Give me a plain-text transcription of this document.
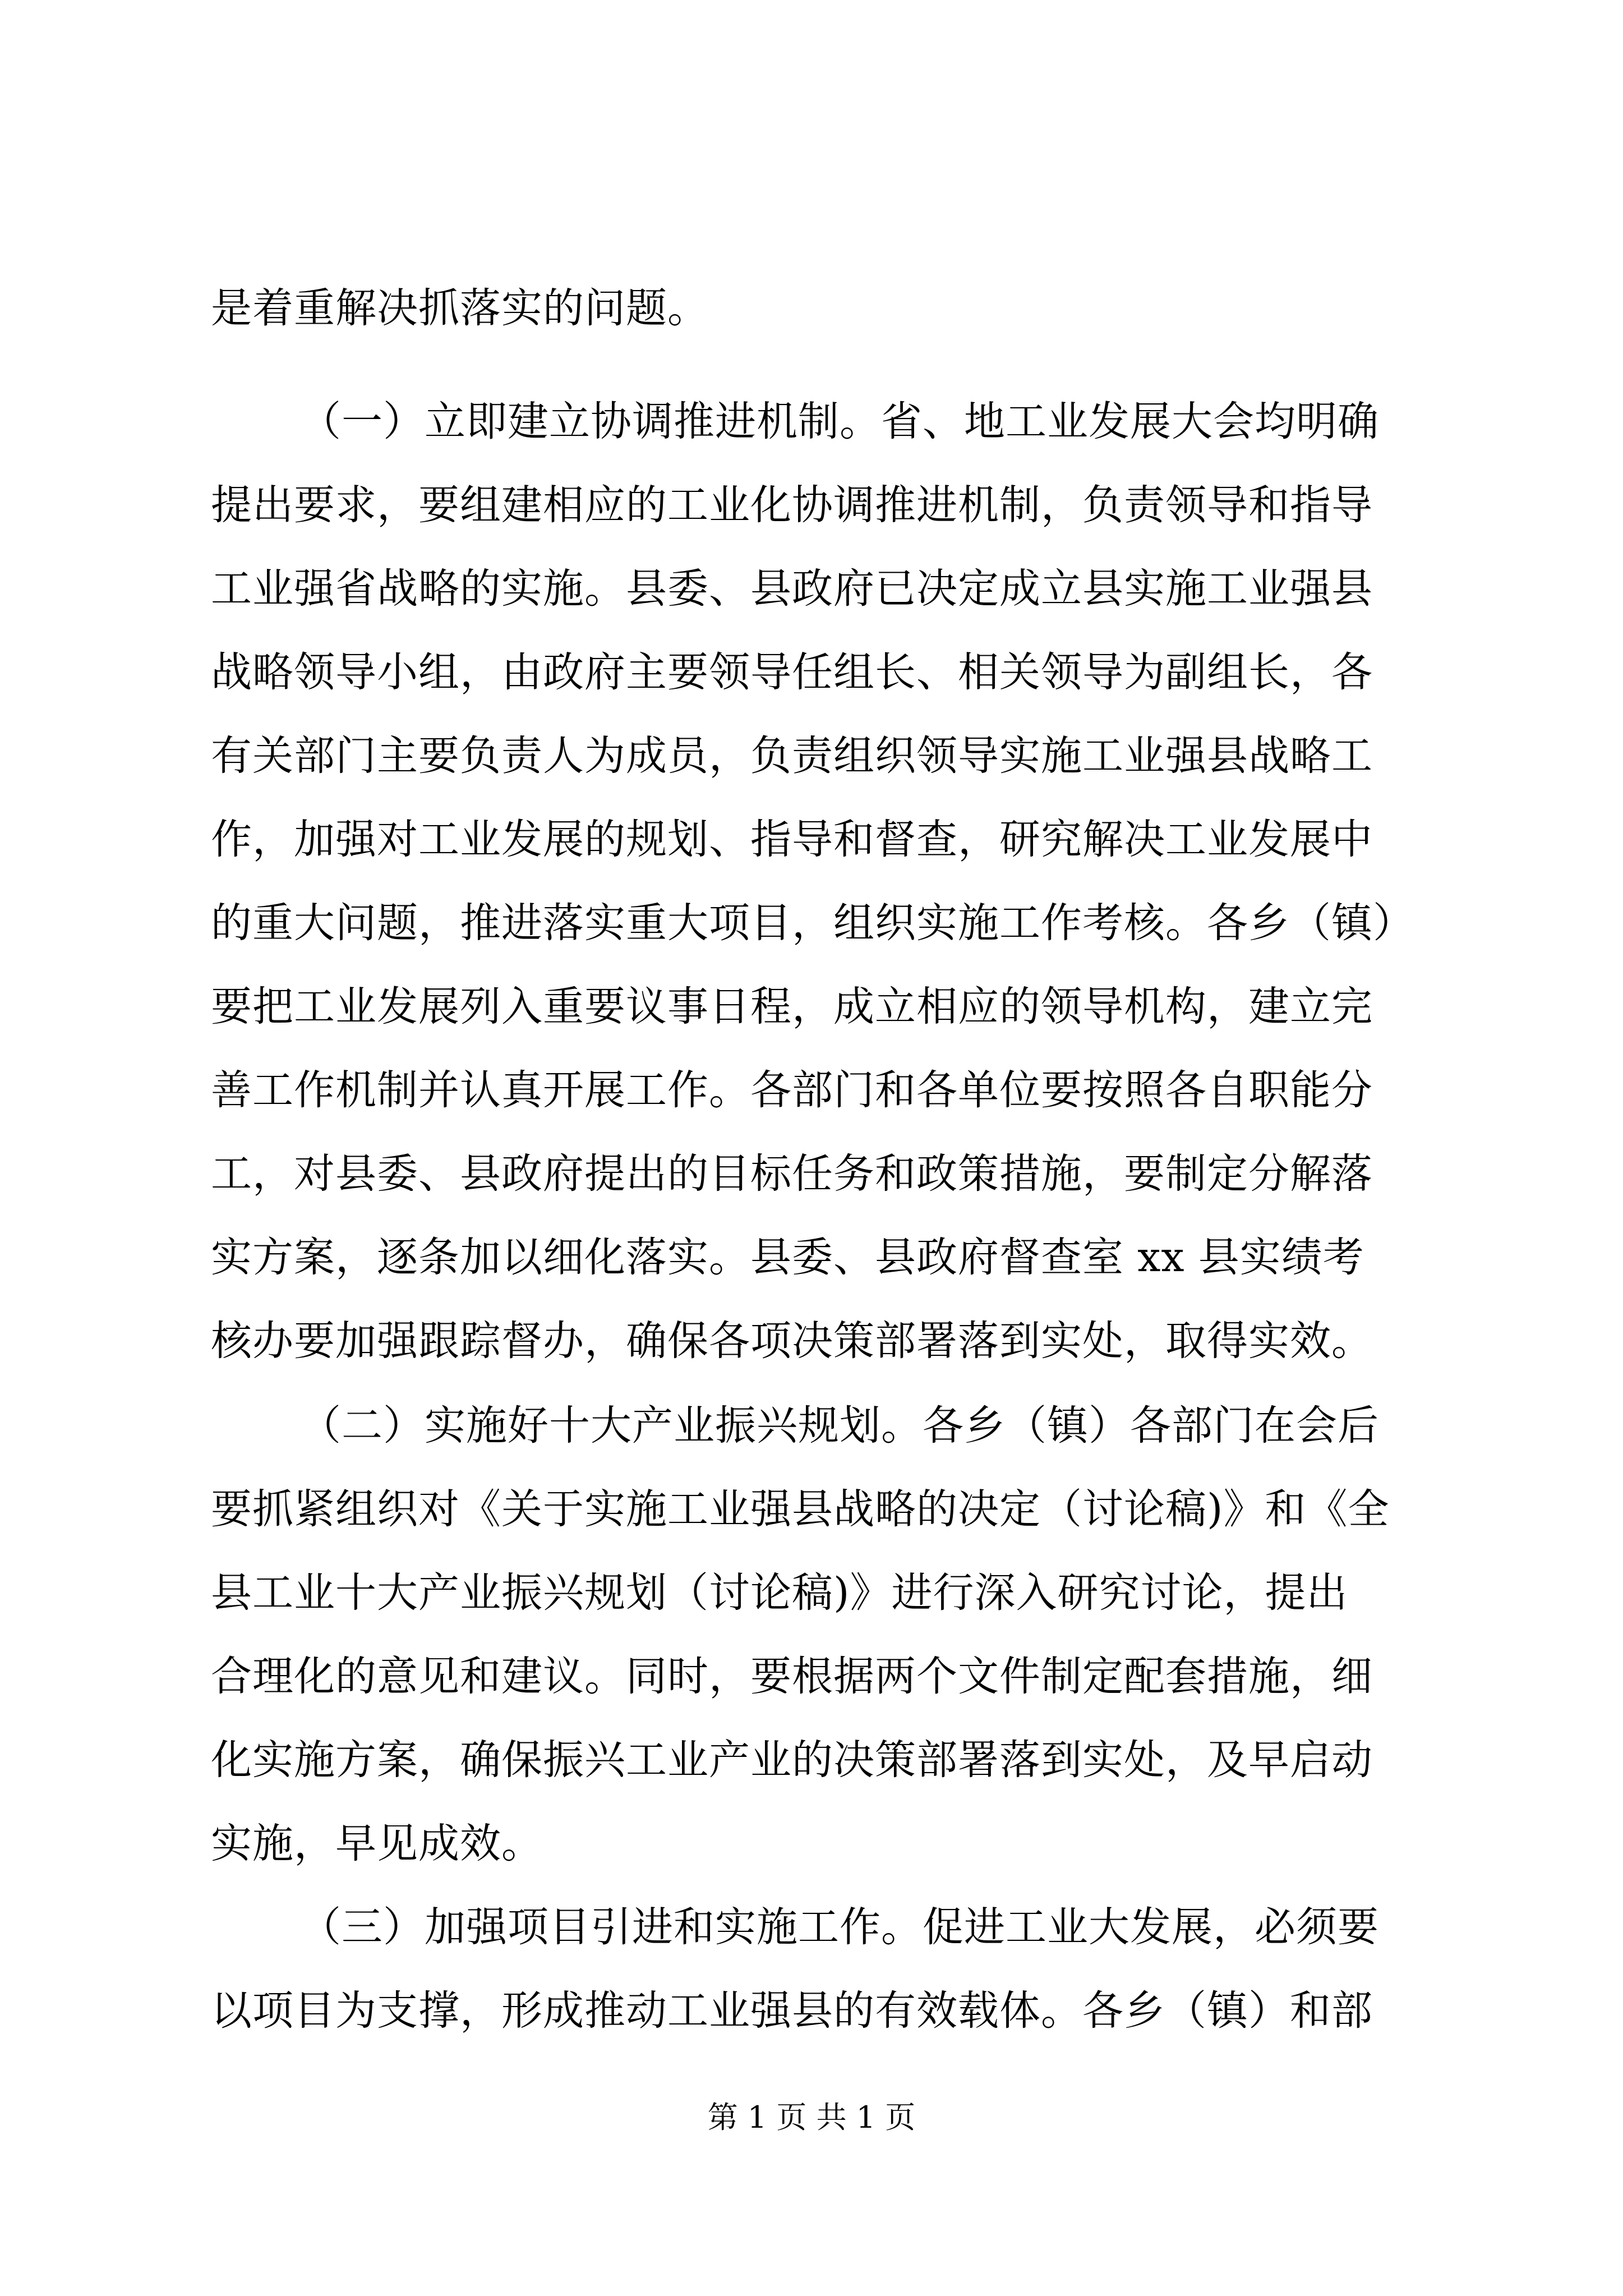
是着重解决抓落实的问题。
（一）立即建立协调推进机制。省、地工业发展大会均明确
提出要求，要组建相应的工业化协调推进机制，负责领导和指导
工业强省战略的实施。县委、县政府已决定成立县实施工业强县
战略领导小组，由政府主要领导任组长、相关领导为副组长，各
有关部门主要负责人为成员，负责组织领导实施工业强县战略工
作，加强对工业发展的规划、指导和督查，研究解决工业发展中
的重大问题，推进落实重大项目，组织实施工作考核。各乡（镇）
要把工业发展列入重要议事日程，成立相应的领导机构，建立完
善工作机制并认真开展工作。各部门和各单位要按照各自职能分
工，对县委、县政府提出的目标任务和政策措施，要制定分解落
实方案，逐条加以细化落实。县委、县政府督查室 xx 县实绩考
核办要加强跟踪督办，确保各项决策部署落到实处，取得实效。
（二）实施好十大产业振兴规划。各乡（镇）各部门在会后
要抓紧组织对《关于实施工业强县战略的决定（讨论稿)》和《全
县工业十大产业振兴规划（讨论稿)》进行深入研究讨论，提出
合理化的意见和建议。同时，要根据两个文件制定配套措施，细
化实施方案，确保振兴工业产业的决策部署落到实处，及早启动
实施，早见成效。
（三）加强项目引进和实施工作。促进工业大发展，必须要
以项目为支撑，形成推动工业强县的有效载体。各乡（镇）和部
第 1 页 共 1 页
